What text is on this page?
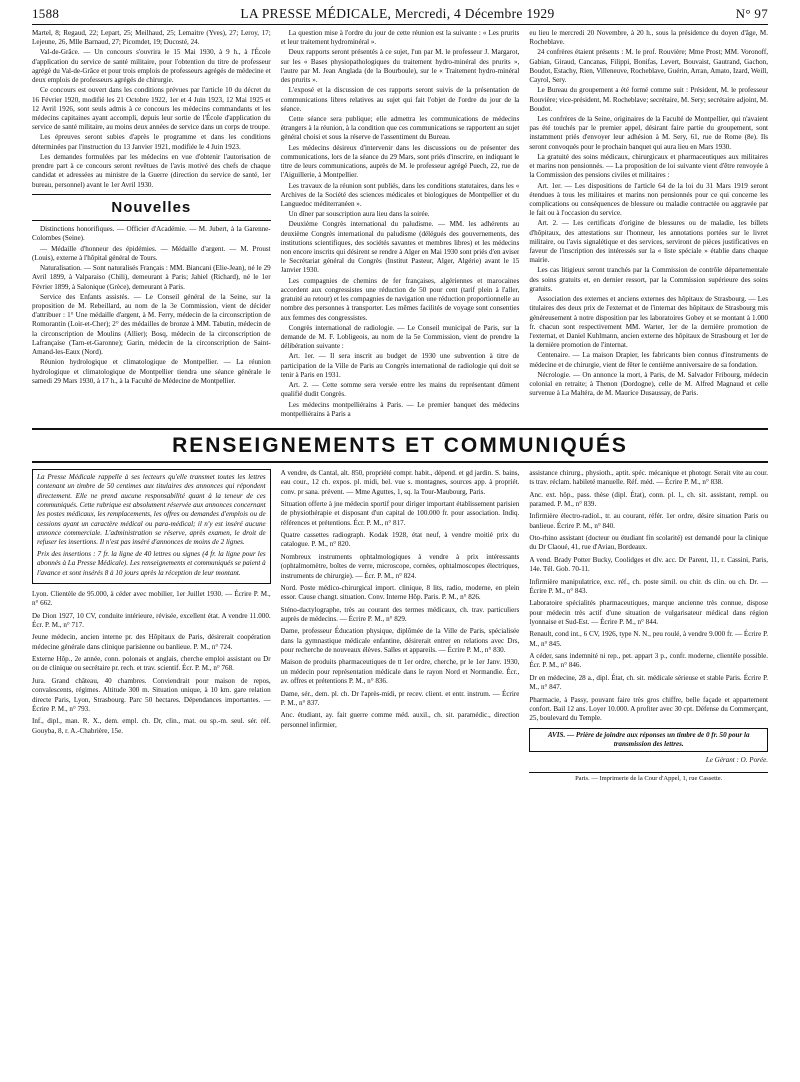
1588	LA PRESSE MÉDICALE, Mercredi, 4 Décembre 1929	N° 97

Martel, 8; Regaud, 22; Lepart, 25; Meilhaud, 25; Lemaitre (Yves), 27; Leroy, 17; Lejeune, 26, Mlle Barnaud, 27; Picomdet, 19; Ducosté, 24.

Val-de-Grâce. — Un concours s'ouvrira le 15 Mai 1930, à 9 h., à l'École d'application du service de santé militaire, pour l'obtention du titre de professeur agrégé du Val-de-Grâce et pour trois emplois de professeurs agrégés de médecine et deux emplois de professeurs agrégés de chirurgie.

Ce concours est ouvert dans les conditions prévues par l'article 10 du décret du 16 Février 1920, modifié les 21 Octobre 1922, 1er et 4 Juin 1923, 12 Mai 1925 et 12 Avril 1926, sont seuls admis à ce concours les médecins commandants et les médecins capitaines ayant accompli, depuis leur sortie de l'École d'application du service de santé militaire, au moins deux années de service dans un corps de troupe.

Les épreuves seront subies d'après le programme et dans les conditions déterminées par l'instruction du 13 Janvier 1921, modifiée le 4 Juin 1923.

Les demandes formulées par les médecins en vue d'obtenir l'autorisation de prendre part à ce concours seront revêtues de l'avis motivé des chefs de chaque candidat et adressées au ministre de la Guerre (direction du service de santé, 1er bureau, personnel) avant le 1er Avril 1930.

Nouvelles

Distinctions honorifiques. — Officier d'Académie. — M. Jubert, à la Garenne-Colombes (Seine).

— Médaille d'honneur des épidémies. — Médaille d'argent. — M. Proust (Louis), externe à l'hôpital général de Tours.

Naturalisation. — Sont naturalisés Français : MM. Biancani (Elie-Jean), né le 29 Avril 1899, à Valparaiso (Chili), demeurant à Paris; Jahiel (Richard), né le 1er Février 1899, à Salonique (Grèce), demeurant à Paris.

Service des Enfants assistés. — Le Conseil général de la Seine, sur la proposition de M. Rebeillard, au nom de la 3e Commission, vient de décider d'attribuer : 1° Une médaille d'argent, à M. Ferry, médecin de la circonscription de Romorantin (Loir-et-Cher); 2° des médailles de bronze à MM. Tabutin, médecin de la circonscription de Moulins (Allier); Bosq, médecin de la circonscription de Lafrançaise (Tarn-et-Garonne); Garin, médecin de la circonscription de Saint-Amand-les-Eaux (Nord).

Réunion hydrologique et climatologique de Montpellier. — La réunion hydrologique et climatologique de Montpellier tiendra une séance générale le samedi 29 Mars 1930, à 17 h., à la Faculté de Médecine de Montpellier.

La question mise à l'ordre du jour de cette réunion est la suivante : « Les prurits et leur traitement hydrominéral ».

Deux rapports seront présentés à ce sujet, l'un par M. le professeur J. Margarot, sur les « Bases physiopathologiques du traitement hydro-minéral des prurits », l'autre par M. Jean Anglada (de la Bourboule), sur le « Traitement hydro-minéral des prurits ».

L'exposé et la discussion de ces rapports seront suivis de la présentation de communications libres relatives au sujet qui fait l'objet de l'ordre du jour de la séance.

Cette séance sera publique; elle admettra les communications de médecins étrangers à la réunion, à la condition que ces communications se rapportent au sujet général choisi et sous la réserve de l'assentiment du Bureau.

Les médecins désireux d'intervenir dans les discussions ou de présenter des communications, lors de la séance du 29 Mars, sont priés d'inscrire, en indiquant le titre de leurs communications, auprès de M. le professeur agrégé Puech, 22, rue de l'Aiguillerie, à Montpellier.

Les travaux de la réunion sont publiés, dans les conditions statutaires, dans les « Archives de la Société des sciences médicales et biologiques de Montpellier et du Languedoc méditerranéen ».

Un dîner par souscription aura lieu dans la soirée.

Deuxième Congrès international du paludisme. — MM. les adhérents au deuxième Congrès international du paludisme (délégués des gouvernements, des institutions scientifiques, des sociétés savantes et membres libres) et les médecins non encore inscrits qui désirent se rendre à Alger en Mai 1930 sont priés d'en aviser le Secrétariat général du Congrès (Institut Pasteur, Alger, Algérie) avant le 15 Janvier 1930.

Les compagnies de chemins de fer françaises, algériennes et marocaines accordent aux congressistes une réduction de 50 pour cent (tarif plein à l'aller, gratuité au retour) et les compagnies de navigation une réduction proportionnelle au nombre des personnes à transporter. Les mêmes facilités de voyage sont consenties aux femmes des congressistes.

Congrès international de radiologie. — Le Conseil municipal de Paris, sur la demande de M. F. Lobligeois, au nom de la 5e Commission, vient de prendre la délibération suivante :

Art. 1er. — Il sera inscrit au budget de 1930 une subvention à titre de participation de la Ville de Paris au Congrès international de radiologie qui doit se tenir à Paris en 1931.

Art. 2. — Cette somme sera versée entre les mains du représentant dûment qualifié dudit Congrès.

Les médecins montpelliérains à Paris. — Le premier banquet des médecins montpelliérains à Paris a

eu lieu le mercredi 20 Novembre, à 20 h., sous la présidence du doyen d'âge, M. Rocheblave.

24 confrères étaient présents : M. le prof. Rouvière; Mme Prost; MM. Voronoff, Gabian, Giraud, Cancanas, Filippi, Bonifas, Levert, Bouvaist, Gautrand, Gachon, Boudot, Estachy, Rien, Villeneuve, Rocheblave, Guérin, Arran, Amato, Izard, Weill, Cayrol, Sery.

Le Bureau du groupement a été formé comme suit : Président, M. le professeur Rouvière; vice-président, M. Rocheblave; secrétaire, M. Sery; secrétaire adjoint, M. Boudot.

Les confrères de la Seine, originaires de la Faculté de Montpellier, qui n'avaient pas été touchés par le premier appel, désirant faire partie du groupement, sont instamment priés d'envoyer leur adhésion à M. Sery, 61, rue de Rome (8e). Ils seront convoqués pour le prochain banquet qui aura lieu en Mars 1930.

La gratuité des soins médicaux, chirurgicaux et pharmaceutiques aux militaires et marins non pensionnés. — La proposition de loi suivante vient d'être renvoyée à la Commission des pensions civiles et militaires :

Art. 1er. — Les dispositions de l'article 64 de la loi du 31 Mars 1919 seront étendues à tous les militaires et marins non pensionnés pour ce qui concerne les complications ou conséquences de blessure ou maladie contractée ou aggravée par le fait ou à l'occasion du service.

Art. 2. — Les certificats d'origine de blessures ou de maladie, les billets d'hôpitaux, des attestations sur l'honneur, les annotations portées sur le livret militaire, ou l'avis signalétique et des services, serviront de pièces justificatives en faveur de l'inscription des intéressés sur la « liste spéciale » établie dans chaque mairie.

Les cas litigieux seront tranchés par la Commission de contrôle départementale des soins gratuits et, en dernier ressort, par la Commission supérieure des soins gratuits.

Association des externes et anciens externes des hôpitaux de Strasbourg. — Les titulaires des deux prix de l'externat et de l'internat des hôpitaux de Strasbourg mis généreusement à notre disposition par les laboratoires Gobey et se montant à 1.000 fr. chacun sont respectivement MM. Warter, 1er de la dernière promotion de l'externat, et Daniel Kuhlmann, ancien externe des hôpitaux de Strasbourg et 1er de la dernière promotion de l'internat.

Centenaire. — La maison Drapier, les fabricants bien connus d'instruments de médecine et de chirurgie, vient de fêter le centième anniversaire de sa fondation.

Nécrologie. — On annonce la mort, à Paris, de M. Salvador Fribourg, médecin colonial en retraite; à Thenon (Dordogne), celle de M. Alfred Magnaud et celle survenue à La Maltéra, de M. Maurice Dusaussay, de Paris.

RENSEIGNEMENTS ET COMMUNIQUÉS

La Presse Médicale rappelle à ses lecteurs qu'elle transmet toutes les lettres contenant un timbre de 50 centimes aux titulaires des annonces qui répondent directement. Elle ne prend aucune responsabilité quant à la teneur de ces communiqués. Cette rubrique est absolument réservée aux annonces concernant les postes médicaux, les remplacements, les offres ou demandes d'emplois ou de cessions ayant un caractère médical ou para-médical; il n'y est inséré aucune annonce commerciale. L'administration se réserve, après examen, le droit de refuser les insertions. Il n'est pas inséré d'annonces de moins de 2 lignes.

Prix des insertions : 7 fr. la ligne de 40 lettres ou signes (4 fr. la ligne pour les abonnés à La Presse Médicale). Les renseignements et communiqués se paient à l'avance et sont insérés 8 à 10 jours après la réception de leur montant.

Lyon. Clientèle de 95.000, à céder avec mobilier, 1er Juillet 1930. — Écrire P. M., n° 662.

De Dion 1927, 10 CV, conduite intérieure, révisée, excellent état. A vendre 11.000. Écr. P. M., n° 717.

Jeune médecin, ancien interne pr. des Hôpitaux de Paris, désirerait coopération médecine générale dans clinique parisienne ou banlieue. P. M., n° 724.

Externe Hôp., 2e année, conn. polonais et anglais, cherche emploi assistant ou Dr ou de clinique ou secrétaire pr. rech. et trav. scientif. Écr. P. M., n° 768.

Jura. Grand château, 40 chambres. Conviendrait pour maison de repos, convalescents, régimes. Altitude 300 m. Situation unique, à 10 km. gare relation directe Paris, Lyon, Strasbourg. Parc 50 hectares. Dépendances importantes. — Écrire P. M., n° 793.

Inf., dipl., man. R. X., dem. empl. ch. Dr, clin., mat. ou sp.-m. seul. sér. réf. Gouyba, 8, r. A.-Chabrière, 15e.

A vendre, ds Cantal, alt. 850, propriété compr. habit., dépend. et gd jardin. S. bains, eau cour., 12 ch. expos. pl. midi, bel. vue s. montagnes, sources app. à propriét. conv. pr sana. prévent. — Mme Aguttes, 1, sq. la Tour-Maubourg, Paris.

Situation offerte à jne médecin sportif pour diriger important établissement parisien de physiothérapie et disposant d'un capital de 100.000 fr. pour association. Indiq. références et prétentions. Écr. P. M., n° 817.

Quatre cassettes radiograph. Kodak 1928, état neuf, à vendre moitié prix du catalogue. P. M., n° 820.

Nombreux instruments ophtalmologiques à vendre à prix intéressants (ophtalmomètre, boîtes de verre, microscope, cornées, ophtalmoscopes électriques, instruments de chirurgie). — Écr. P. M., n° 824.

Nord. Poste médico-chirurgical import. clinique, 8 lits, radio, moderne, en plein essor. Cause changt. situation. Conv. Interne Hôp. Paris. P. M., n° 826.

Sténo-dactylographe, très au courant des termes médicaux, ch. trav. particuliers auprès de médecins. — Écrire P. M., n° 829.

Dame, professeur Éducation physique, diplômée de la Ville de Paris, spécialisée dans la gymnastique médicale enfantine, désirerait entrer en relations avec Drs, pour recherche de nouveaux élèves. Salles et appareils. — Écrire P. M., n° 830.

Maison de produits pharmaceutiques de tt 1er ordre, cherche, pr le 1er Janv. 1930, un médecin pour représentation médicale dans le rayon Nord et Normandie. Écr., av. offres et prétentions P. M., n° 836.

Dame, sér., dem. pl. ch. Dr l'après-midi, pr recev. client. et entr. instrum. — Écrire P. M., n° 837.

Anc. étudiant, ay. fait guerre comme méd. auxil., ch. sit. paramédic., direction personnel infirmier,

assistance chirurg., physioth., aptit. spéc. mécanique et photogr. Serait vite au cour. ts trav. réclam. habileté manuelle. Réf. méd. — Écrire P. M., n° 838.

Anc. ext. hôp., pass. thèse (dipl. État), conn. pl. l., ch. sit. assistant, rempl. ou paramed. P. M., n° 839.

Infirmière électro-radiol., tr. au courant, référ. 1er ordre, désire situation Paris ou banlieue. Écrire P. M., n° 840.

Oto-rhino assistant (docteur ou étudiant fin scolarité) est demandé pour la clinique du Dr Claoué, 41, rue d'Aviau, Bordeaux.

A vend. Brady Potter Bucky, Coolidges et dlv. acc. Dr Parent, 11, r. Cassini, Paris, 14e. Tél. Gob. 70-11.

Infirmière manipulatrice, exc. réf., ch. poste simil. ou chir. ds clin. ou ch. Dr. — Écrire P. M., n° 843.

Laboratoire spécialités pharmaceutiques, marque ancienne très connue, dispose pour médecin très actif d'une situation de vulgarisateur médical dans région lyonnaise et Sud-Est. — Écrire P. M., n° 844.

Renault, cond int., 6 CV, 1926, type N. N., peu roulé, à vendre 9.000 fr. — Écrire P. M., n° 845.

A céder, sans indemnité ni rep., pet. appart 3 p., confr. moderne, clientèle possible. Écr. P. M., n° 846.

Dr en médecine, 28 a., dipl. État, ch. sit. médicale sérieuse et stable Paris. Écrire P. M., n° 847.

Pharmacie, à Passy, pouvant faire très gros chiffre, belle façade et appartement confort. Bail 12 ans. Loyer 10.000. A profiter avec 30 cpt. Défense du Commerçant, 25, boulevard du Temple.

AVIS. — Prière de joindre aux réponses un timbre de 0 fr. 50 pour la transmission des lettres.
Le Gérant : O. Porée.
Paris. — Imprimerie de la Cour d'Appel, 1, rue Cassette.
